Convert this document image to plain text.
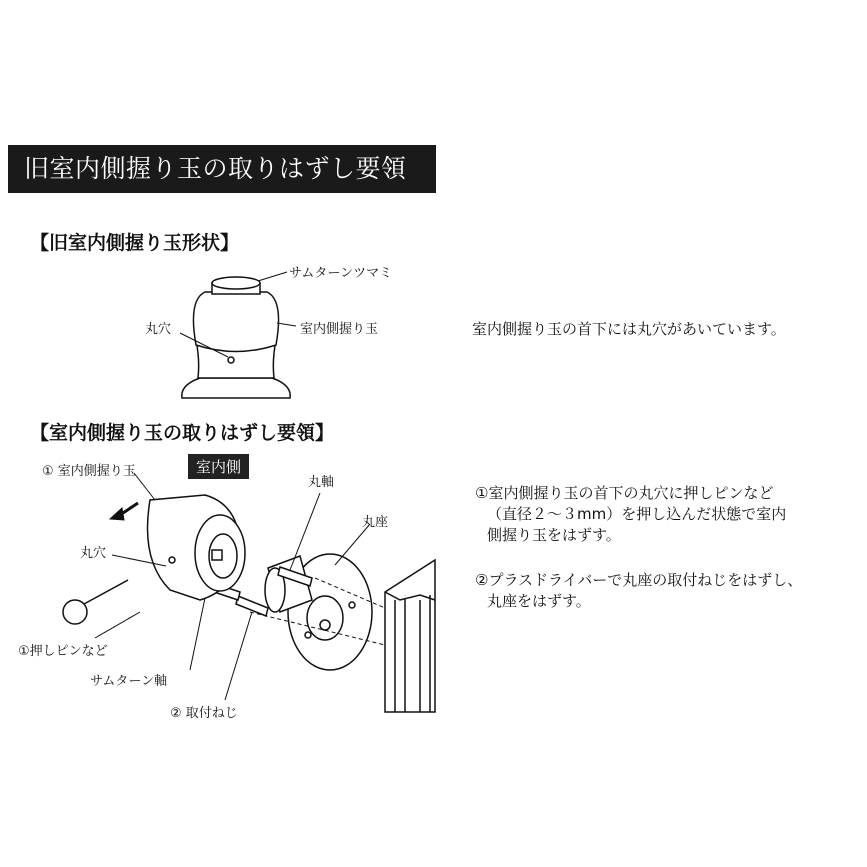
旧室内側握り玉の取りはずし要領
【旧室内側握り玉形状】
サムターンツマミ
丸穴	室内側握り玉	室内側握り玉の首下には丸穴があいています。
【室内側握り玉の取りはずし要領】
① 室内側握り玉	室内側
丸軸
丸座
丸穴
①押しピンなど
サムターン軸
② 取付ねじ
①室内側握り玉の首下の丸穴に押しピンなど
（直径２～３mm）を押し込んだ状態で室内
側握り玉をはずす。
②プラスドライバーで丸座の取付ねじをはずし、
丸座をはずす。
